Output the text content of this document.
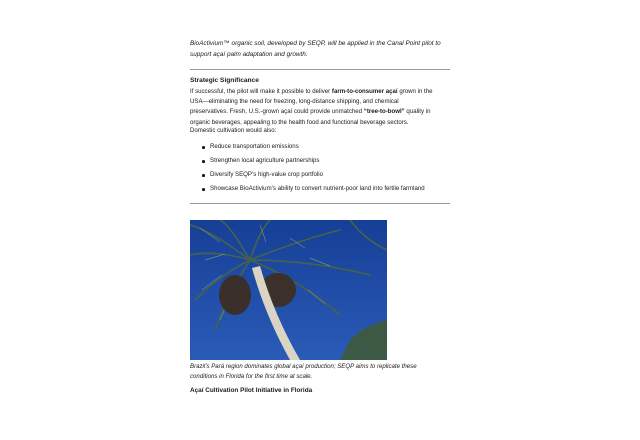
BioActivium™ organic soil, developed by SEQP, will be applied in the Canal Point pilot to
support açaí palm adaptation and growth.
Strategic Significance
If successful, the pilot will make it possible to deliver farm-to-consumer açaí grown in the
USA—eliminating the need for freezing, long-distance shipping, and chemical
preservatives. Fresh, U.S.-grown açaí could provide unmatched “tree-to-bowl” quality in
organic beverages, appealing to the health food and functional beverage sectors.
Domestic cultivation would also:
Reduce transportation emissions
Strengthen local agriculture partnerships
Diversify SEQP’s high-value crop portfolio
Showcase BioActivium’s ability to convert nutrient-poor land into fertile farmland
Brazil’s Pará region dominates global açaí production; SEQP aims to replicate these
conditions in Florida for the first time at scale.
Açaí Cultivation Pilot Initiative in Florida
